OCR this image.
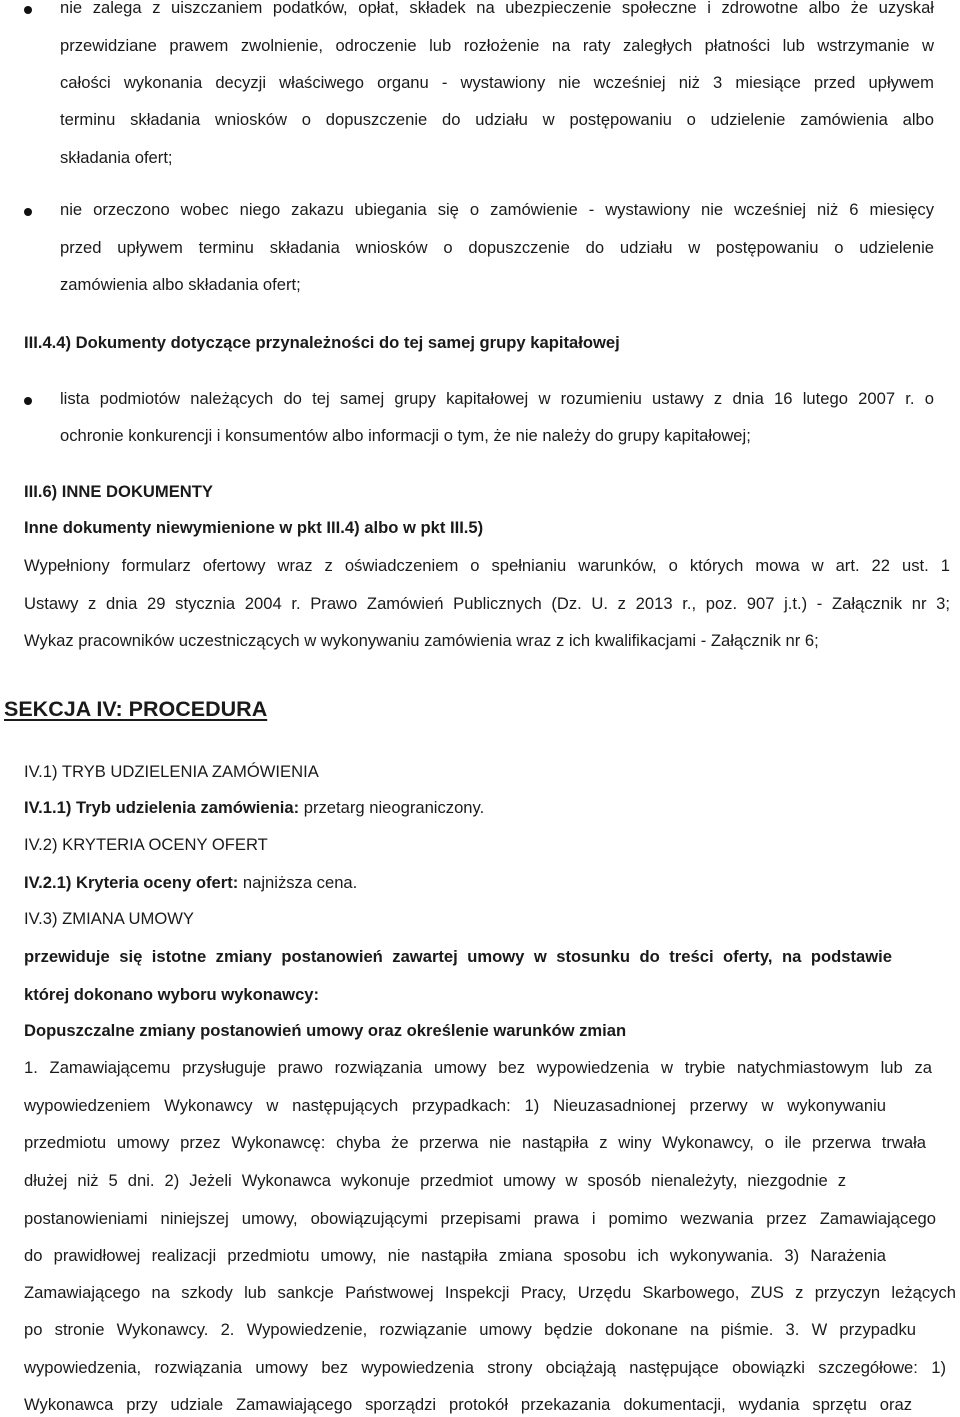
nie zalega z uiszczaniem podatków, opłat, składek na ubezpieczenie społeczne i zdrowotne albo że uzyskał
przewidziane prawem zwolnienie, odroczenie lub rozłożenie na raty zaległych płatności lub wstrzymanie w
całości wykonania decyzji właściwego organu - wystawiony nie wcześniej niż 3 miesiące przed upływem
terminu składania wniosków o dopuszczenie do udziału w postępowaniu o udzielenie zamówienia albo
składania ofert;
nie orzeczono wobec niego zakazu ubiegania się o zamówienie - wystawiony nie wcześniej niż 6 miesięcy
przed upływem terminu składania wniosków o dopuszczenie do udziału w postępowaniu o udzielenie
zamówienia albo składania ofert;
III.4.4) Dokumenty dotyczące przynależności do tej samej grupy kapitałowej
lista podmiotów należących do tej samej grupy kapitałowej w rozumieniu ustawy z dnia 16 lutego 2007 r. o
ochronie konkurencji i konsumentów albo informacji o tym, że nie należy do grupy kapitałowej;
III.6) INNE DOKUMENTY
Inne dokumenty niewymienione w pkt III.4) albo w pkt III.5)
Wypełniony formularz ofertowy wraz z oświadczeniem o spełnianiu warunków, o których mowa w art. 22 ust. 1
Ustawy z dnia 29 stycznia 2004 r. Prawo Zamówień Publicznych (Dz. U. z 2013 r., poz. 907 j.t.) - Załącznik nr 3;
Wykaz pracowników uczestniczących w wykonywaniu zamówienia wraz z ich kwalifikacjami - Załącznik nr 6;
SEKCJA IV: PROCEDURA
IV.1) TRYB UDZIELENIA ZAMÓWIENIA
IV.1.1) Tryb udzielenia zamówienia: przetarg nieograniczony.
IV.2) KRYTERIA OCENY OFERT
IV.2.1) Kryteria oceny ofert: najniższa cena.
IV.3) ZMIANA UMOWY
przewiduje się istotne zmiany postanowień zawartej umowy w stosunku do treści oferty, na podstawie
której dokonano wyboru wykonawcy:
Dopuszczalne zmiany postanowień umowy oraz określenie warunków zmian
1. Zamawiającemu przysługuje prawo rozwiązania umowy bez wypowiedzenia w trybie natychmiastowym lub za
wypowiedzeniem Wykonawcy w następujących przypadkach: 1) Nieuzasadnionej przerwy w wykonywaniu
przedmiotu umowy przez Wykonawcę: chyba że przerwa nie nastąpiła z winy Wykonawcy, o ile przerwa trwała
dłużej niż 5 dni. 2) Jeżeli Wykonawca wykonuje przedmiot umowy w sposób nienależyty, niezgodnie z
postanowieniami niniejszej umowy, obowiązującymi przepisami prawa i pomimo wezwania przez Zamawiającego
do prawidłowej realizacji przedmiotu umowy, nie nastąpiła zmiana sposobu ich wykonywania. 3) Narażenia
Zamawiającego na szkody lub sankcje Państwowej Inspekcji Pracy, Urzędu Skarbowego, ZUS z przyczyn leżących
po stronie Wykonawcy. 2. Wypowiedzenie, rozwiązanie umowy będzie dokonane na piśmie. 3. W przypadku
wypowiedzenia, rozwiązania umowy bez wypowiedzenia strony obciążają następujące obowiązki szczegółowe: 1)
Wykonawca przy udziale Zamawiającego sporządzi protokół przekazania dokumentacji, wydania sprzętu oraz
